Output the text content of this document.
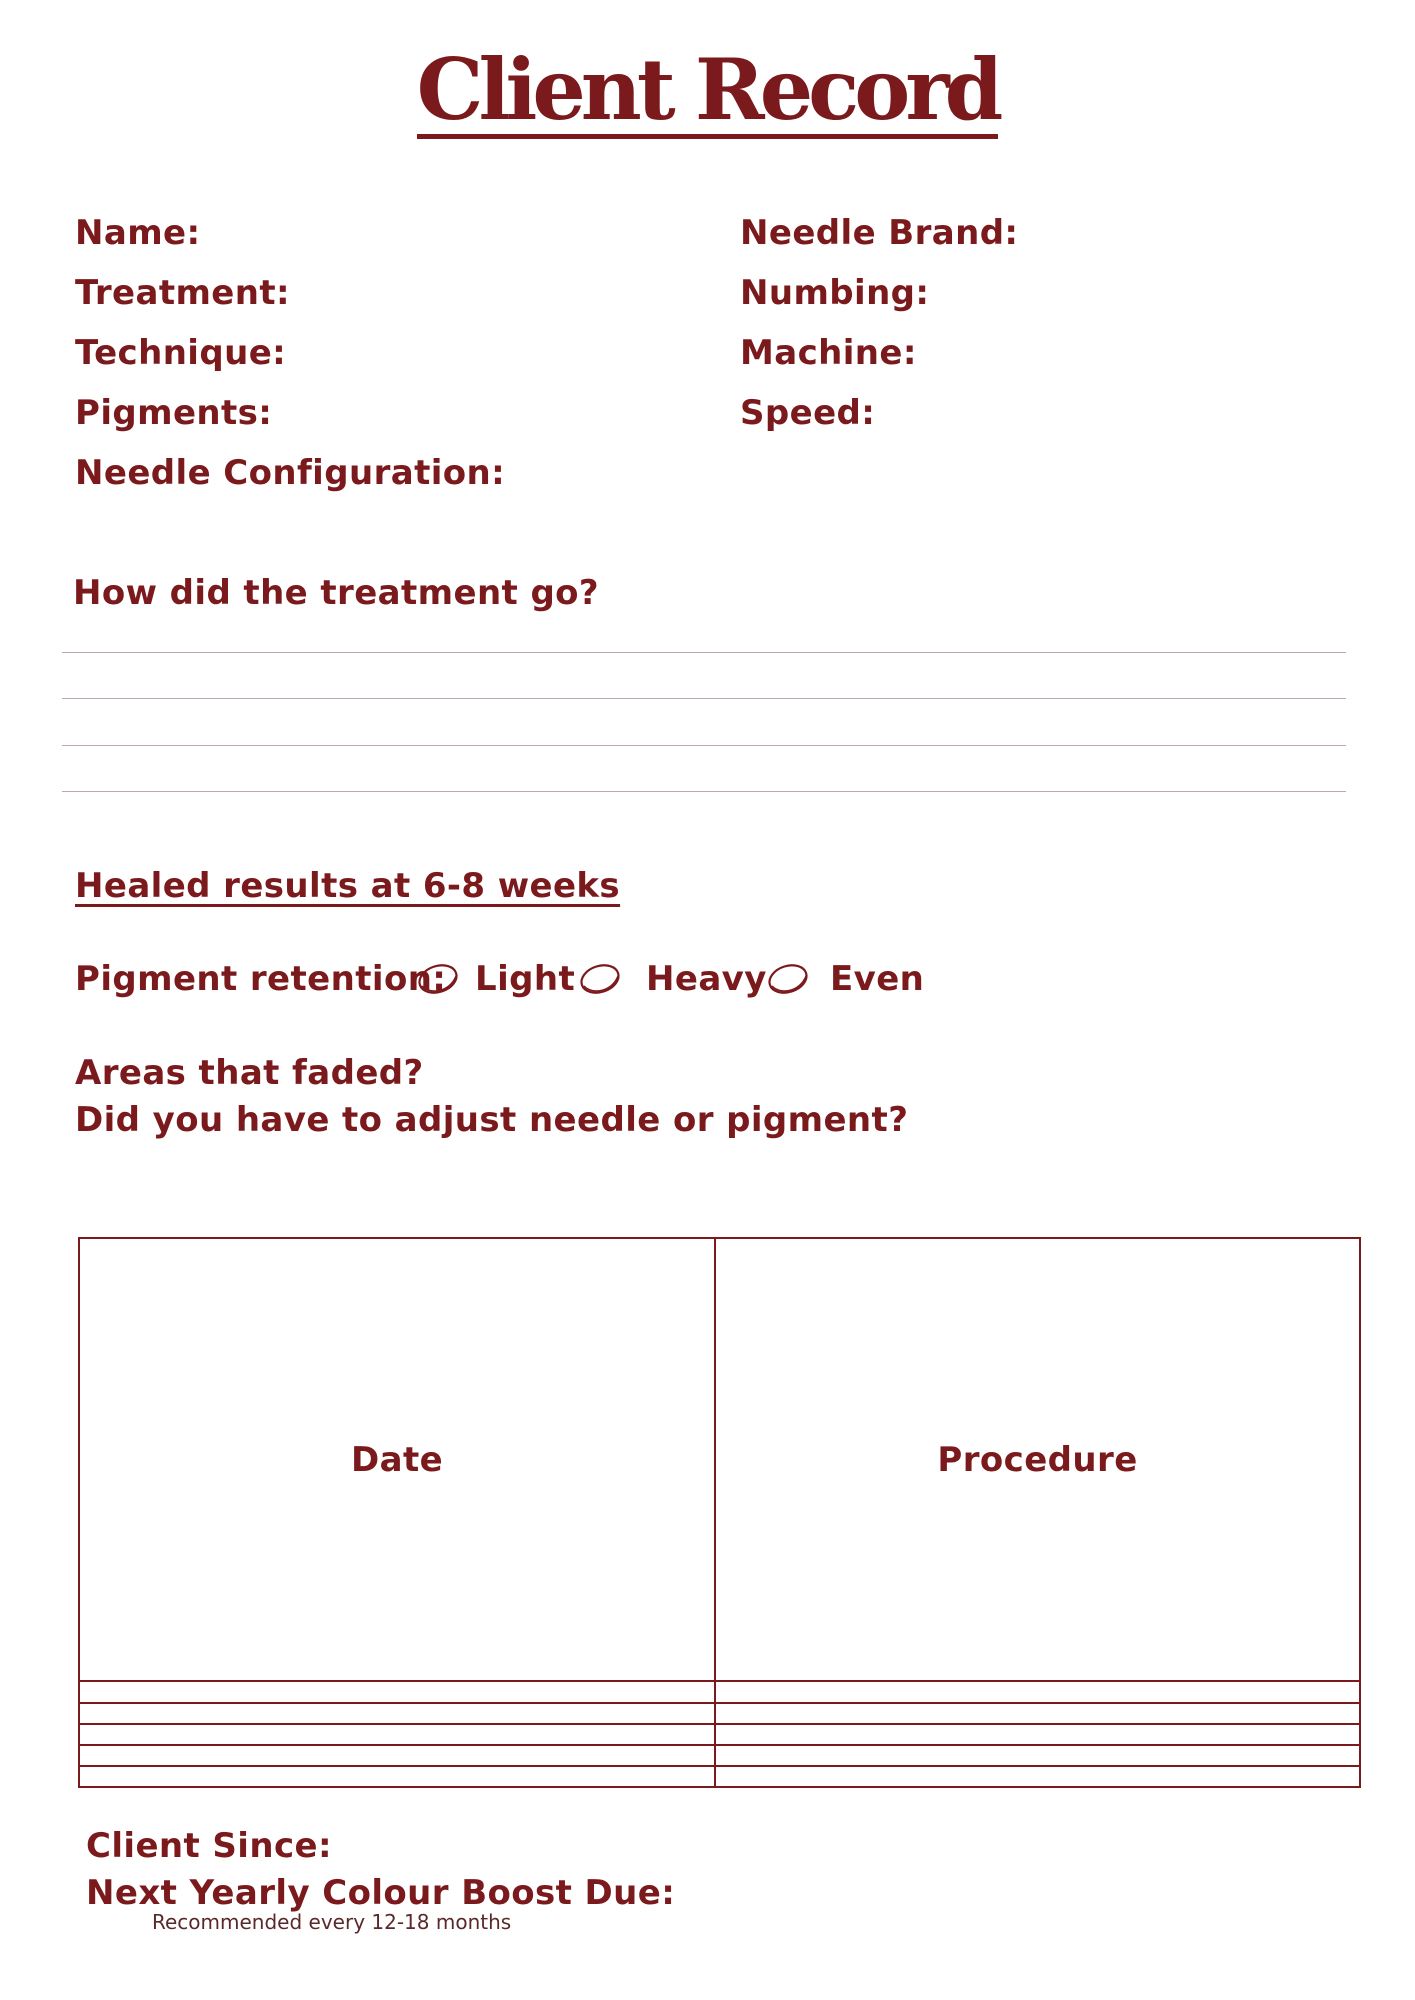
Client Record
Name:
Treatment:
Technique:
Pigments:
Needle Configuration:
Needle Brand:
Numbing:
Machine:
Speed:
How did the treatment go?
Healed results at 6-8 weeks
Pigment retention: Light Heavy Even
Areas that faded?
Did you have to adjust needle or pigment?
Date	Procedure

Client Since:
Next Yearly Colour Boost Due:
Recommended every 12-18 months
